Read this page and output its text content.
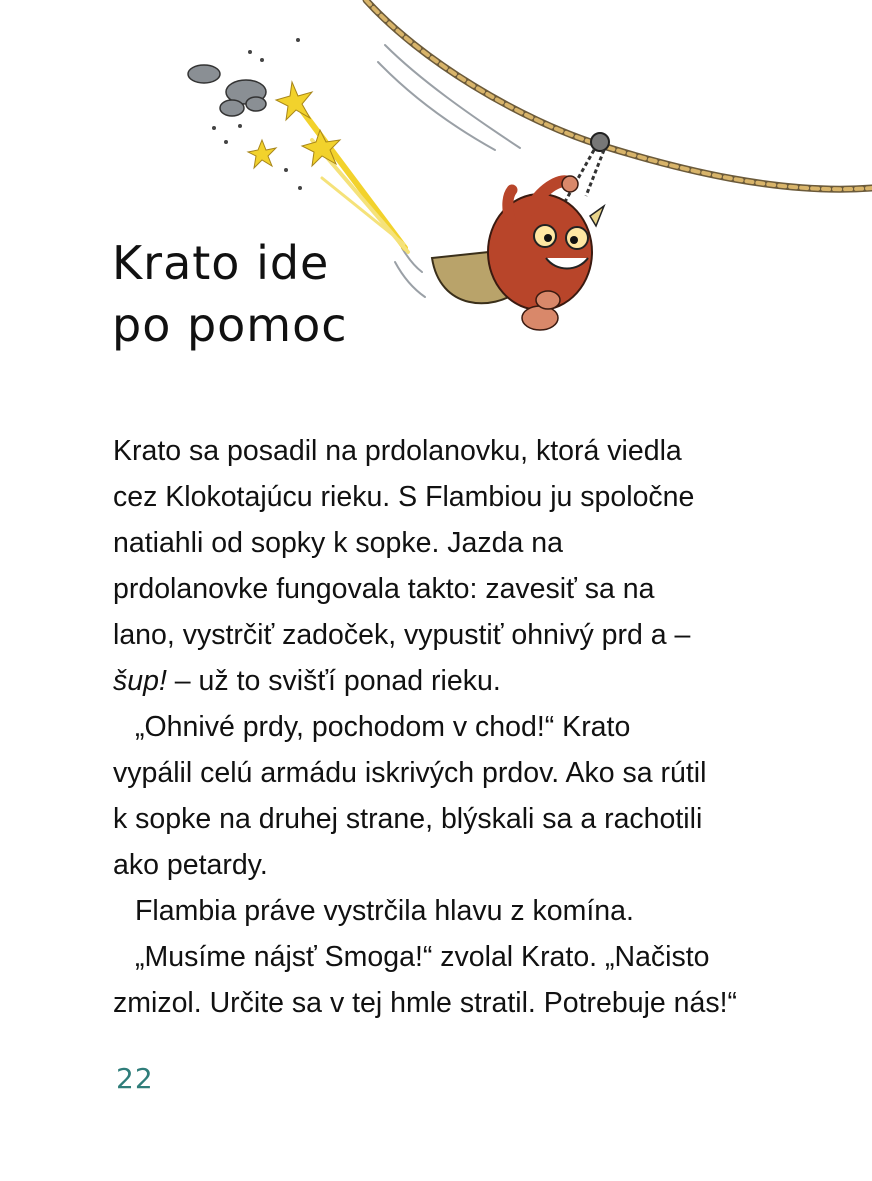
Krato ide
po pomoc
Krato sa posadil na prdolanovku, ktorá viedla
cez Klokotajúcu rieku. S Flambiou ju spoločne
natiahli od sopky k sopke. Jazda na
prdolanovke fungovala takto: zavesiť sa na
lano, vystrčiť zadoček, vypustiť ohnivý prd a –
šup! – už to svišťí ponad rieku.
„Ohnivé prdy, pochodom v chod!“ Krato
vypálil celú armádu iskrivých prdov. Ako sa rútil
k sopke na druhej strane, blýskali sa a rachotili
ako petardy.
Flambia práve vystrčila hlavu z komína.
„Musíme nájsť Smoga!“ zvolal Krato. „Načisto
zmizol. Určite sa v tej hmle stratil. Potrebuje nás!“
22
